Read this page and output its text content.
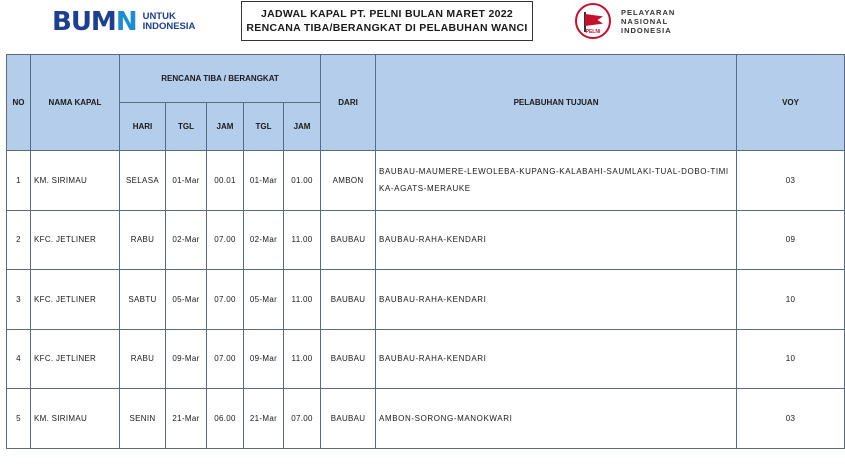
BUMN UNTUK
INDONESIA
JADWAL KAPAL PT. PELNI BULAN MARET 2022
RENCANA TIBA/BERANGKAT DI PELABUHAN WANCI	PELNI
PELAYARAN
NASIONAL
INDONESIA
NO	NAMA KAPAL	RENCANA TIBA / BERANGKAT					DARI	PELABUHAN TUJUAN	VOY
		HARI	TGL	JAM	TGL	JAM			
1	KM. SIRIMAU	SELASA	01-Mar	00.01	01-Mar	01.00	AMBON	BAUBAU-MAUMERE-LEWOLEBA-KUPANG-KALABAHI-SAUMLAKI-TUAL-DOBO-TIMIKA-AGATS-MERAUKE	03
2	KFC. JETLINER	RABU	02-Mar	07.00	02-Mar	11.00	BAUBAU	BAUBAU-RAHA-KENDARI	09
3	KFC. JETLINER	SABTU	05-Mar	07.00	05-Mar	11.00	BAUBAU	BAUBAU-RAHA-KENDARI	10
4	KFC. JETLINER	RABU	09-Mar	07.00	09-Mar	11.00	BAUBAU	BAUBAU-RAHA-KENDARI	10
5	KM. SIRIMAU	SENIN	21-Mar	06.00	21-Mar	07.00	BAUBAU	AMBON-SORONG-MANOKWARI	03
